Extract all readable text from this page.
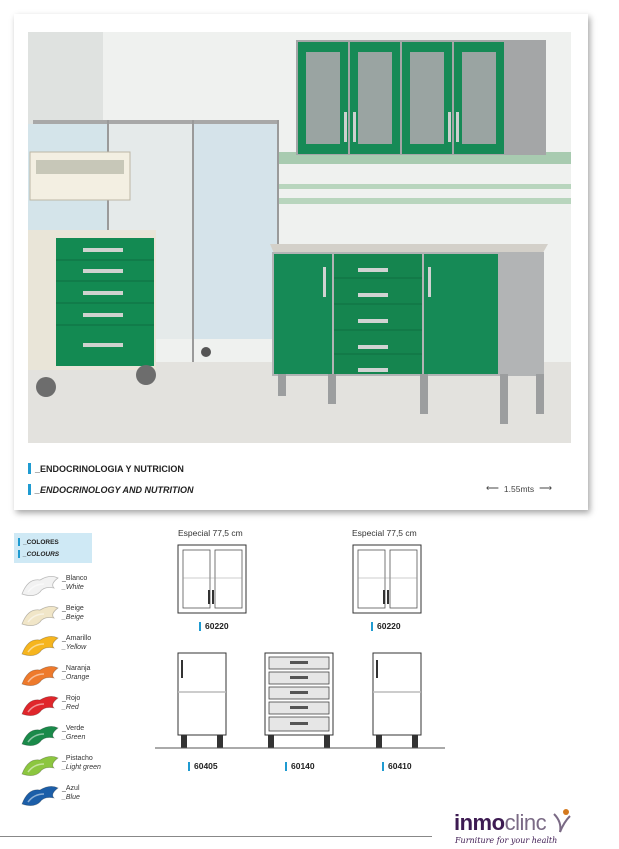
_ENDOCRINOLOGIA Y NUTRICION
_ENDOCRINOLOGY AND NUTRITION	⟵ 1.55mts ⟶
_COLORES
_COLOURS
_Blanco
_White
_Beige
_Beige
_Amarillo
_Yellow
_Naranja
_Orange
_Rojo
_Red
_Verde
_Green
_Pistacho
_Light green
_Azul
_Blue
Especial 77,5 cm	Especial 77,5 cm
60220	60220
60405	60140	60410
inmoclinc
Furniture for your health
